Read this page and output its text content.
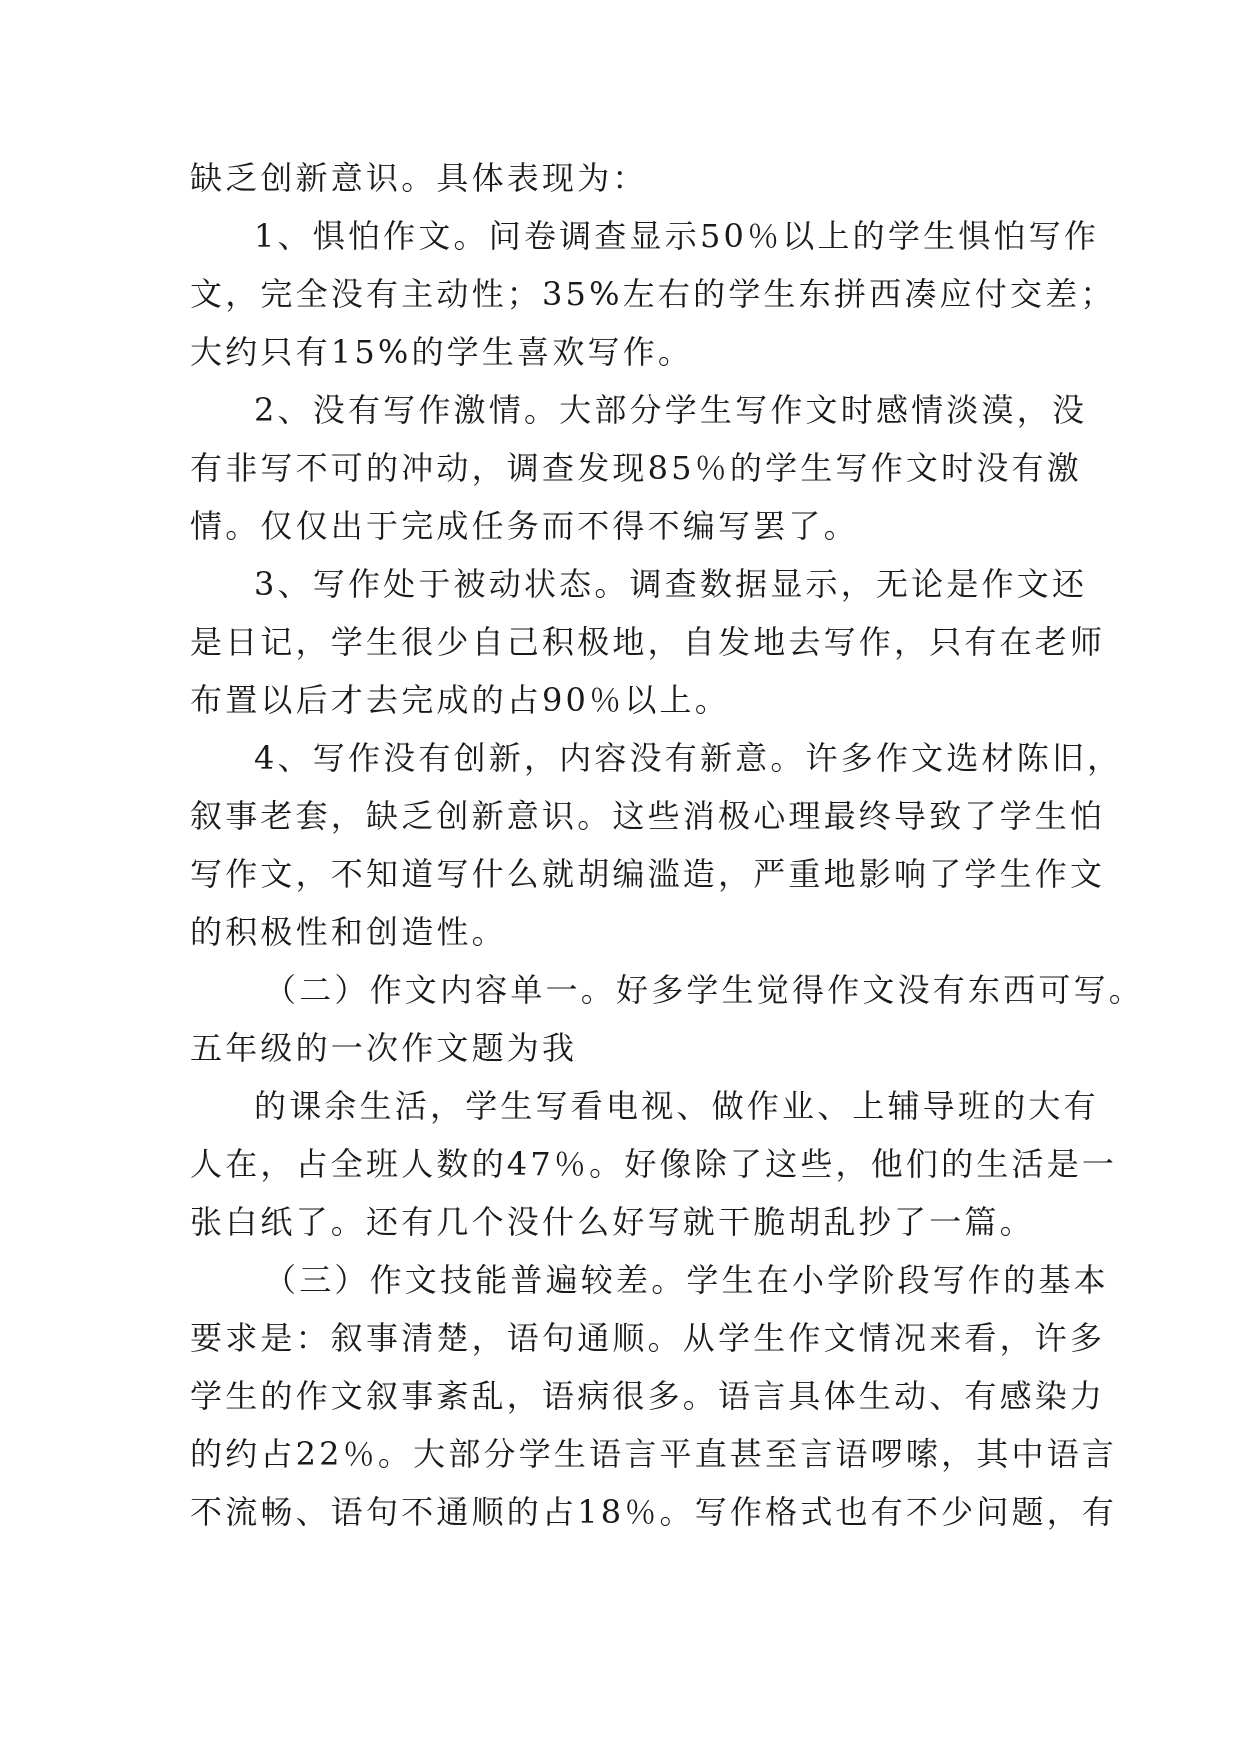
缺乏创新意识。具体表现为：
1、惧怕作文。问卷调查显示50％以上的学生惧怕写作
文，完全没有主动性；35%左右的学生东拼西凑应付交差；
大约只有15%的学生喜欢写作。
2、没有写作激情。大部分学生写作文时感情淡漠，没
有非写不可的冲动，调查发现85％的学生写作文时没有激
情。仅仅出于完成任务而不得不编写罢了。
3、写作处于被动状态。调查数据显示，无论是作文还
是日记，学生很少自己积极地，自发地去写作，只有在老师
布置以后才去完成的占90％以上。
4、写作没有创新，内容没有新意。许多作文选材陈旧，
叙事老套，缺乏创新意识。这些消极心理最终导致了学生怕
写作文，不知道写什么就胡编滥造，严重地影响了学生作文
的积极性和创造性。
（二）作文内容单一。好多学生觉得作文没有东西可写。
五年级的一次作文题为我
的课余生活，学生写看电视、做作业、上辅导班的大有
人在，占全班人数的47％。好像除了这些，他们的生活是一
张白纸了。还有几个没什么好写就干脆胡乱抄了一篇。
（三）作文技能普遍较差。学生在小学阶段写作的基本
要求是：叙事清楚，语句通顺。从学生作文情况来看，许多
学生的作文叙事紊乱，语病很多。语言具体生动、有感染力
的约占22％。大部分学生语言平直甚至言语啰嗦，其中语言
不流畅、语句不通顺的占18％。写作格式也有不少问题，有
